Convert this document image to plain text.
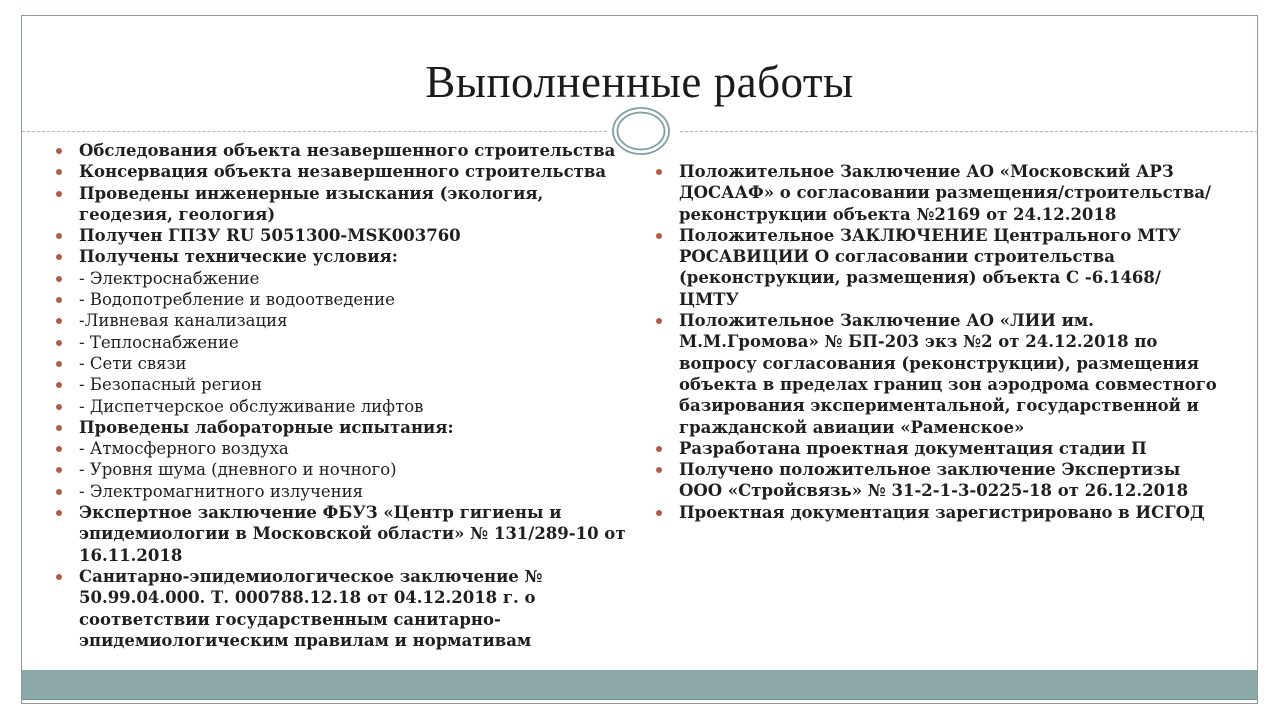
Выполненные работы
Обследования объекта незавершенного строительства
Консервация объекта незавершенного строительства
Проведены инженерные изыскания (экология, геодезия, геология)
Получен ГПЗУ RU 5051300-MSK003760
Получены технические условия:
- Электроснабжение
- Водопотребление и водоотведение
-Ливневая канализация
- Теплоснабжение
- Сети связи
- Безопасный регион
- Диспетчерское обслуживание лифтов
Проведены лабораторные испытания:
- Атмосферного воздуха
- Уровня шума (дневного и ночного)
- Электромагнитного излучения
Экспертное заключение ФБУЗ «Центр гигиены и эпидемиологии в Московской области» № 131/289-10 от 16.11.2018
Санитарно-эпидемиологическое заключение № 50.99.04.000. Т. 000788.12.18 от 04.12.2018 г. о соответствии государственным санитарно-эпидемиологическим правилам и нормативам
Положительное Заключение АО «Московский АРЗ ДОСААФ» о согласовании размещения/строительства/реконструкции объекта №2169 от 24.12.2018
Положительное ЗАКЛЮЧЕНИЕ Центрального МТУ РОСАВИЦИИ О согласовании строительства (реконструкции, размещения) объекта С -6.1468/ЦМТУ
Положительное Заключение АО «ЛИИ им. М.М.Громова» № БП-203 экз №2 от 24.12.2018 по вопросу согласования (реконструкции), размещения объекта в пределах границ зон аэродрома совместного базирования экспериментальной, государственной и гражданской авиации «Раменское»
Разработана проектная документация стадии П
Получено положительное заключение Экспертизы ООО «Стройсвязь» № 31-2-1-3-0225-18 от 26.12.2018
Проектная документация зарегистрировано в ИСГОД
